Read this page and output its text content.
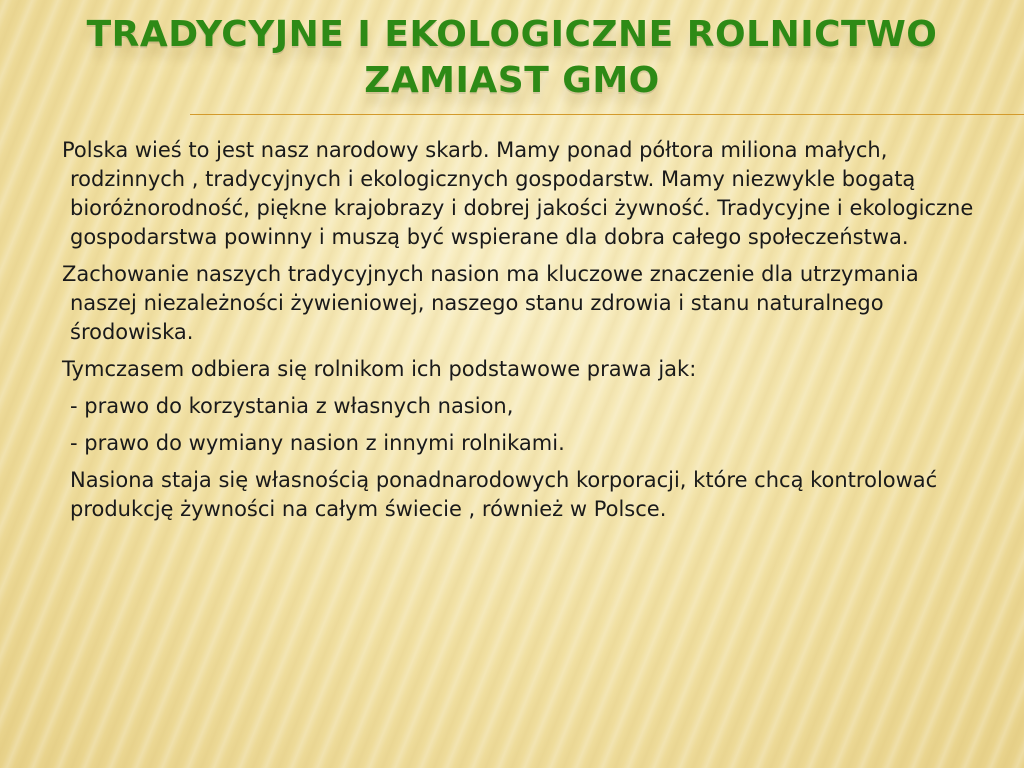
TRADYCYJNE I EKOLOGICZNE ROLNICTWO
ZAMIAST GMO

Polska wieś to jest nasz narodowy skarb. Mamy ponad półtora miliona małych, rodzinnych , tradycyjnych i ekologicznych gospodarstw. Mamy niezwykle bogatą bioróżnorodność, piękne krajobrazy i dobrej jakości żywność. Tradycyjne i ekologiczne gospodarstwa powinny i muszą być wspierane dla dobra całego społeczeństwa.

Zachowanie naszych tradycyjnych nasion ma kluczowe znaczenie dla utrzymania naszej niezależności żywieniowej, naszego stanu zdrowia i stanu naturalnego środowiska.

Tymczasem odbiera się rolnikom ich podstawowe prawa jak:

- prawo do korzystania z własnych nasion,

- prawo do wymiany nasion z innymi rolnikami.

Nasiona staja się własnością ponadnarodowych korporacji, które chcą kontrolować produkcję żywności na całym świecie , również w Polsce.
